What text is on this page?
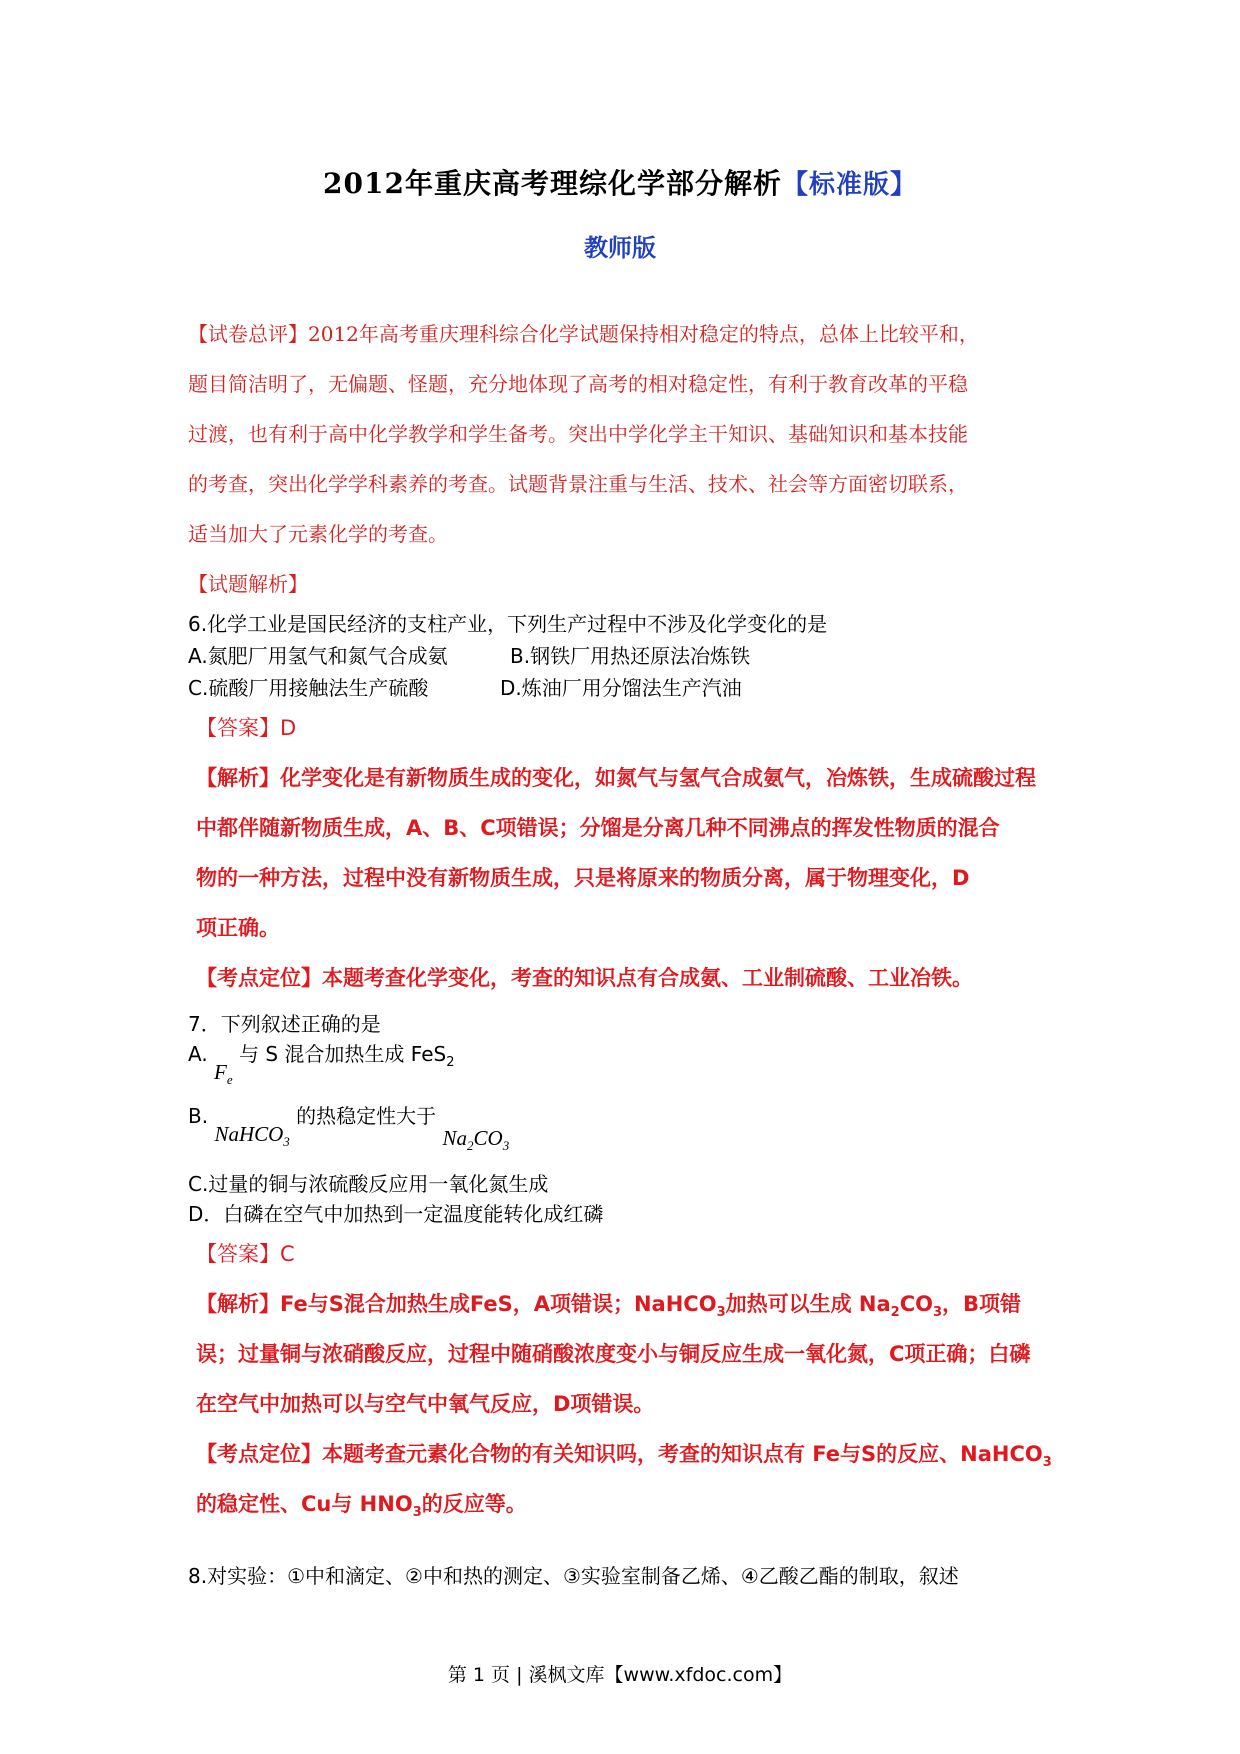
2012年重庆高考理综化学部分解析【标准版】
教师版
【试卷总评】2012年高考重庆理科综合化学试题保持相对稳定的特点，总体上比较平和，
题目简洁明了，无偏题、怪题，充分地体现了高考的相对稳定性，有利于教育改革的平稳
过渡，也有利于高中化学教学和学生备考。突出中学化学主干知识、基础知识和基本技能
的考查，突出化学学科素养的考查。试题背景注重与生活、技术、社会等方面密切联系，
适当加大了元素化学的考查。
【试题解析】
6.化学工业是国民经济的支柱产业，下列生产过程中不涉及化学变化的是
A.氮肥厂用氢气和氮气合成氨	B.钢铁厂用热还原法冶炼铁
C.硫酸厂用接触法生产硫酸	D.炼油厂用分馏法生产汽油
【答案】D
【解析】化学变化是有新物质生成的变化，如氮气与氢气合成氨气，冶炼铁，生成硫酸过程
中都伴随新物质生成，A、B、C项错误；分馏是分离几种不同沸点的挥发性物质的混合
物的一种方法，过程中没有新物质生成，只是将原来的物质分离，属于物理变化，D
项正确。
【考点定位】本题考查化学变化，考查的知识点有合成氨、工业制硫酸、工业冶铁。
7．下列叙述正确的是
A. $F_e$ 与 S 混合加热生成 FeS$_2$
B. NaHCO$_3$ 的热稳定性大于 $Na_2CO_3$
C.过量的铜与浓硫酸反应用一氧化氮生成
D．白磷在空气中加热到一定温度能转化成红磷
【答案】C
【解析】Fe与S混合加热生成FeS，A项错误；NaHCO$_3$加热可以生成 $Na_2CO_3$，B项错
误；过量铜与浓硝酸反应，过程中随硝酸浓度变小与铜反应生成一氧化氮，C项正确；白磷
在空气中加热可以与空气中氧气反应，D项错误。
【考点定位】本题考查元素化合物的有关知识吗，考查的知识点有 Fe与S的反应、NaHCO$_3$
的稳定性、Cu与 $HNO_3$的反应等。
8.对实验：①中和滴定、②中和热的测定、③实验室制备乙烯、④乙酸乙酯的制取，叙述
第 1 页 | 溪枫文库【www.xfdoc.com】
